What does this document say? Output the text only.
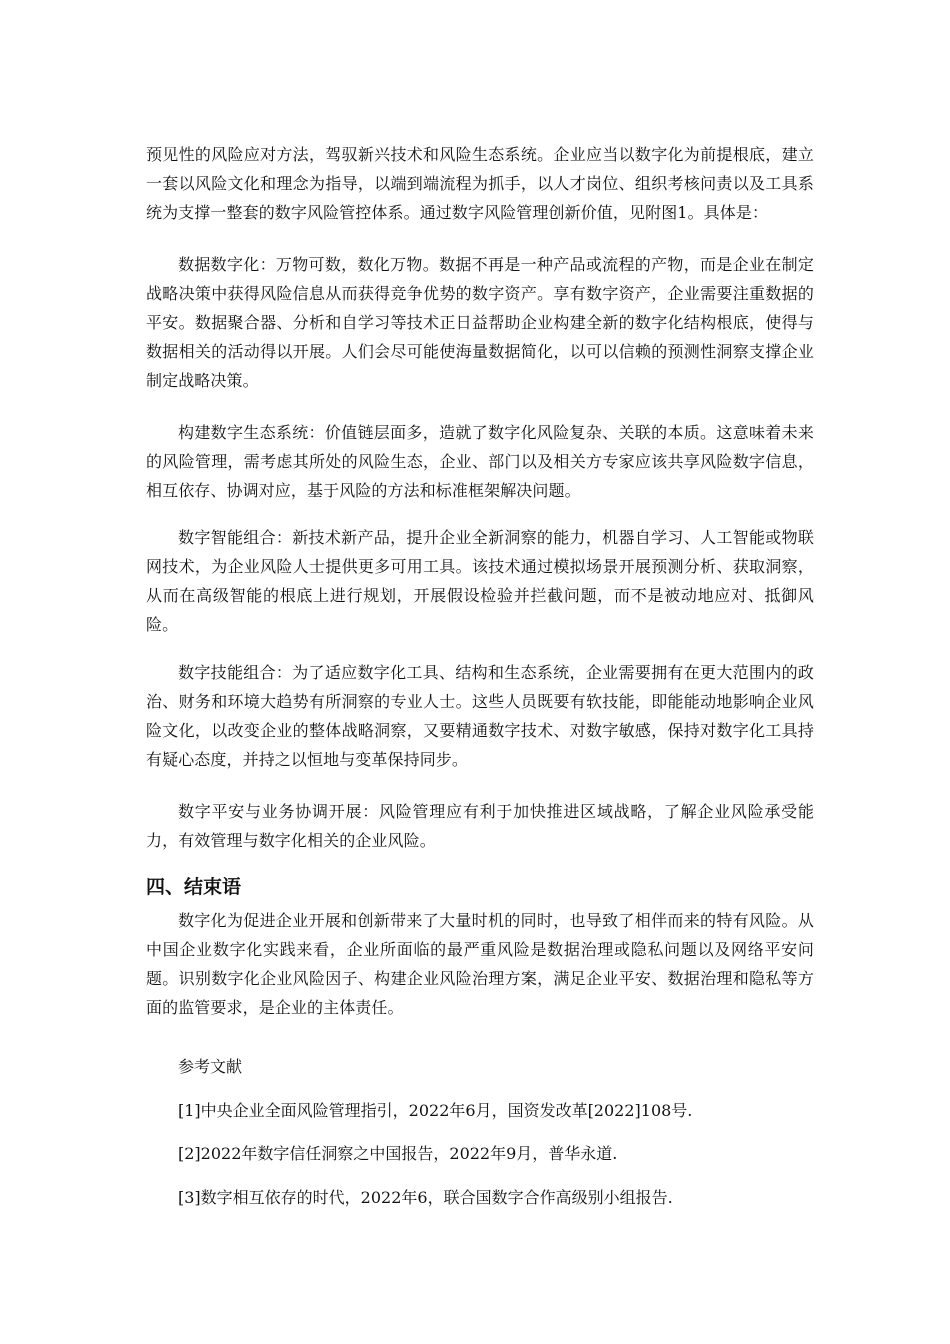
预见性的风险应对方法，驾驭新兴技术和风险生态系统。企业应当以数字化为前提根底，建立一套以风险文化和理念为指导，以端到端流程为抓手，以人才岗位、组织考核问责以及工具系统为支撑一整套的数字风险管控体系。通过数字风险管理创新价值，见附图1。具体是：

数据数字化：万物可数，数化万物。数据不再是一种产品或流程的产物，而是企业在制定战略决策中获得风险信息从而获得竞争优势的数字资产。享有数字资产，企业需要注重数据的平安。数据聚合器、分析和自学习等技术正日益帮助企业构建全新的数字化结构根底，使得与数据相关的活动得以开展。人们会尽可能使海量数据简化，以可以信赖的预测性洞察支撑企业制定战略决策。

构建数字生态系统：价值链层面多，造就了数字化风险复杂、关联的本质。这意味着未来的风险管理，需考虑其所处的风险生态，企业、部门以及相关方专家应该共享风险数字信息，相互依存、协调对应，基于风险的方法和标准框架解决问题。

数字智能组合：新技术新产品，提升企业全新洞察的能力，机器自学习、人工智能或物联网技术，为企业风险人士提供更多可用工具。该技术通过模拟场景开展预测分析、获取洞察，从而在高级智能的根底上进行规划，开展假设检验并拦截问题，而不是被动地应对、抵御风险。

数字技能组合：为了适应数字化工具、结构和生态系统，企业需要拥有在更大范围内的政治、财务和环境大趋势有所洞察的专业人士。这些人员既要有软技能，即能能动地影响企业风险文化，以改变企业的整体战略洞察，又要精通数字技术、对数字敏感，保持对数字化工具持有疑心态度，并持之以恒地与变革保持同步。

数字平安与业务协调开展：风险管理应有利于加快推进区域战略，了解企业风险承受能力，有效管理与数字化相关的企业风险。

四、结束语

数字化为促进企业开展和创新带来了大量时机的同时，也导致了相伴而来的特有风险。从中国企业数字化实践来看，企业所面临的最严重风险是数据治理或隐私问题以及网络平安问题。识别数字化企业风险因子、构建企业风险治理方案，满足企业平安、数据治理和隐私等方面的监管要求，是企业的主体责任。

参考文献

[1]中央企业全面风险管理指引，2022年6月，国资发改革[2022]108号.

[2]2022年数字信任洞察之中国报告，2022年9月，普华永道.

[3]数字相互依存的时代，2022年6，联合国数字合作高级别小组报告.
